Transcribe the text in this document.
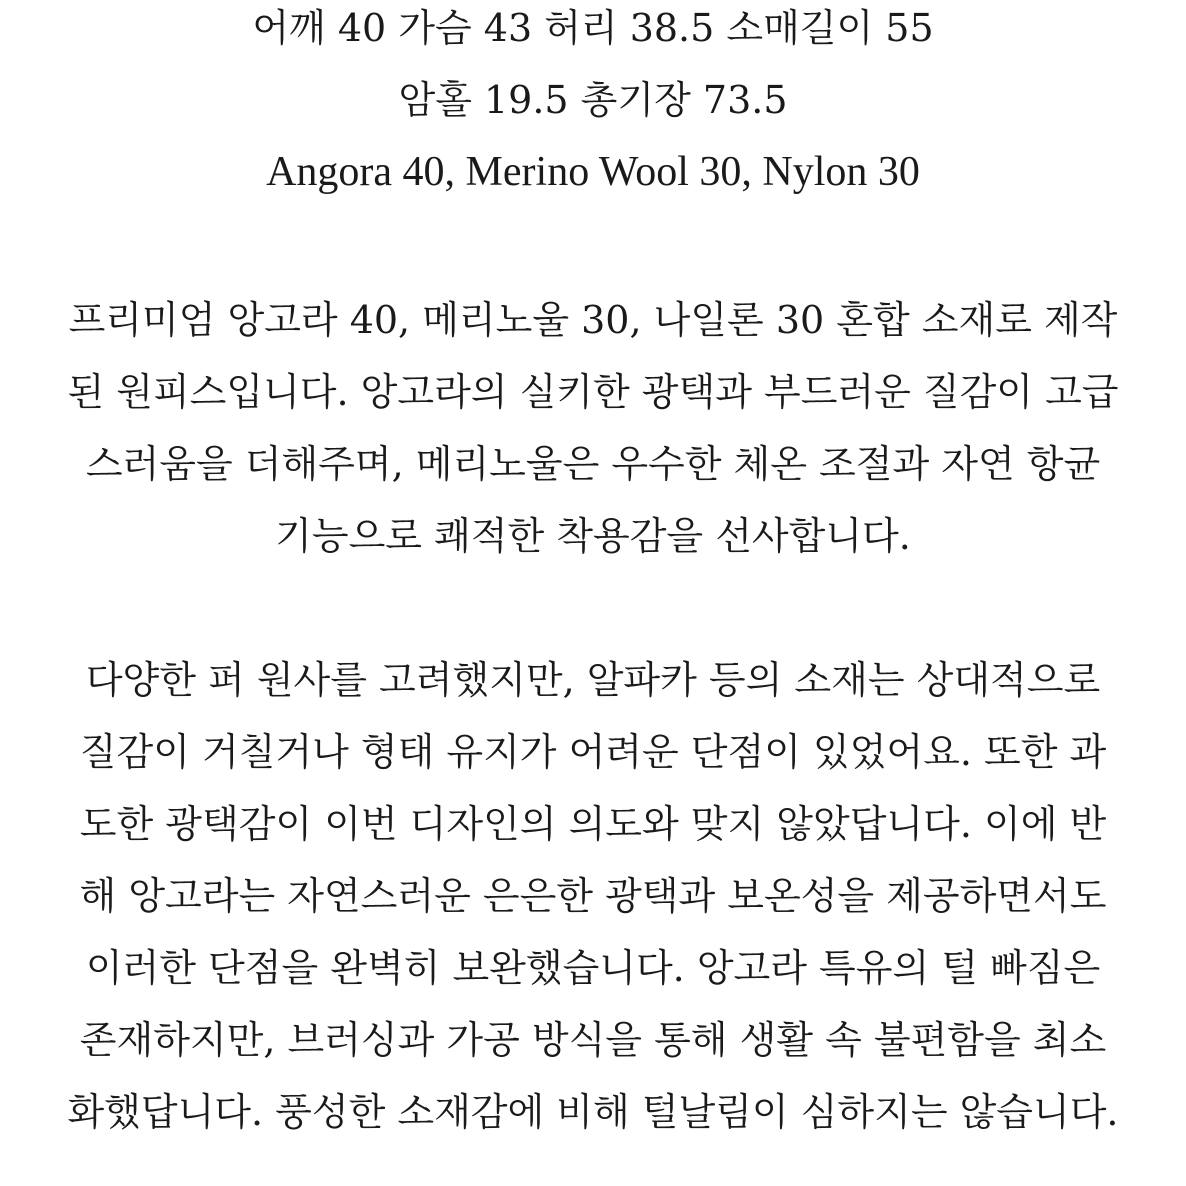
어깨 40 가슴 43 허리 38.5 소매길이 55
암홀 19.5 총기장 73.5
Angora 40, Merino Wool 30, Nylon 30
프리미엄 앙고라 40, 메리노울 30, 나일론 30 혼합 소재로 제작
된 원피스입니다. 앙고라의 실키한 광택과 부드러운 질감이 고급
스러움을 더해주며, 메리노울은 우수한 체온 조절과 자연 항균
기능으로 쾌적한 착용감을 선사합니다.
다양한 퍼 원사를 고려했지만, 알파카 등의 소재는 상대적으로
질감이 거칠거나 형태 유지가 어려운 단점이 있었어요. 또한 과
도한 광택감이 이번 디자인의 의도와 맞지 않았답니다. 이에 반
해 앙고라는 자연스러운 은은한 광택과 보온성을 제공하면서도
이러한 단점을 완벽히 보완했습니다. 앙고라 특유의 털 빠짐은
존재하지만, 브러싱과 가공 방식을 통해 생활 속 불편함을 최소
화했답니다. 풍성한 소재감에 비해 털날림이 심하지는 않습니다.
